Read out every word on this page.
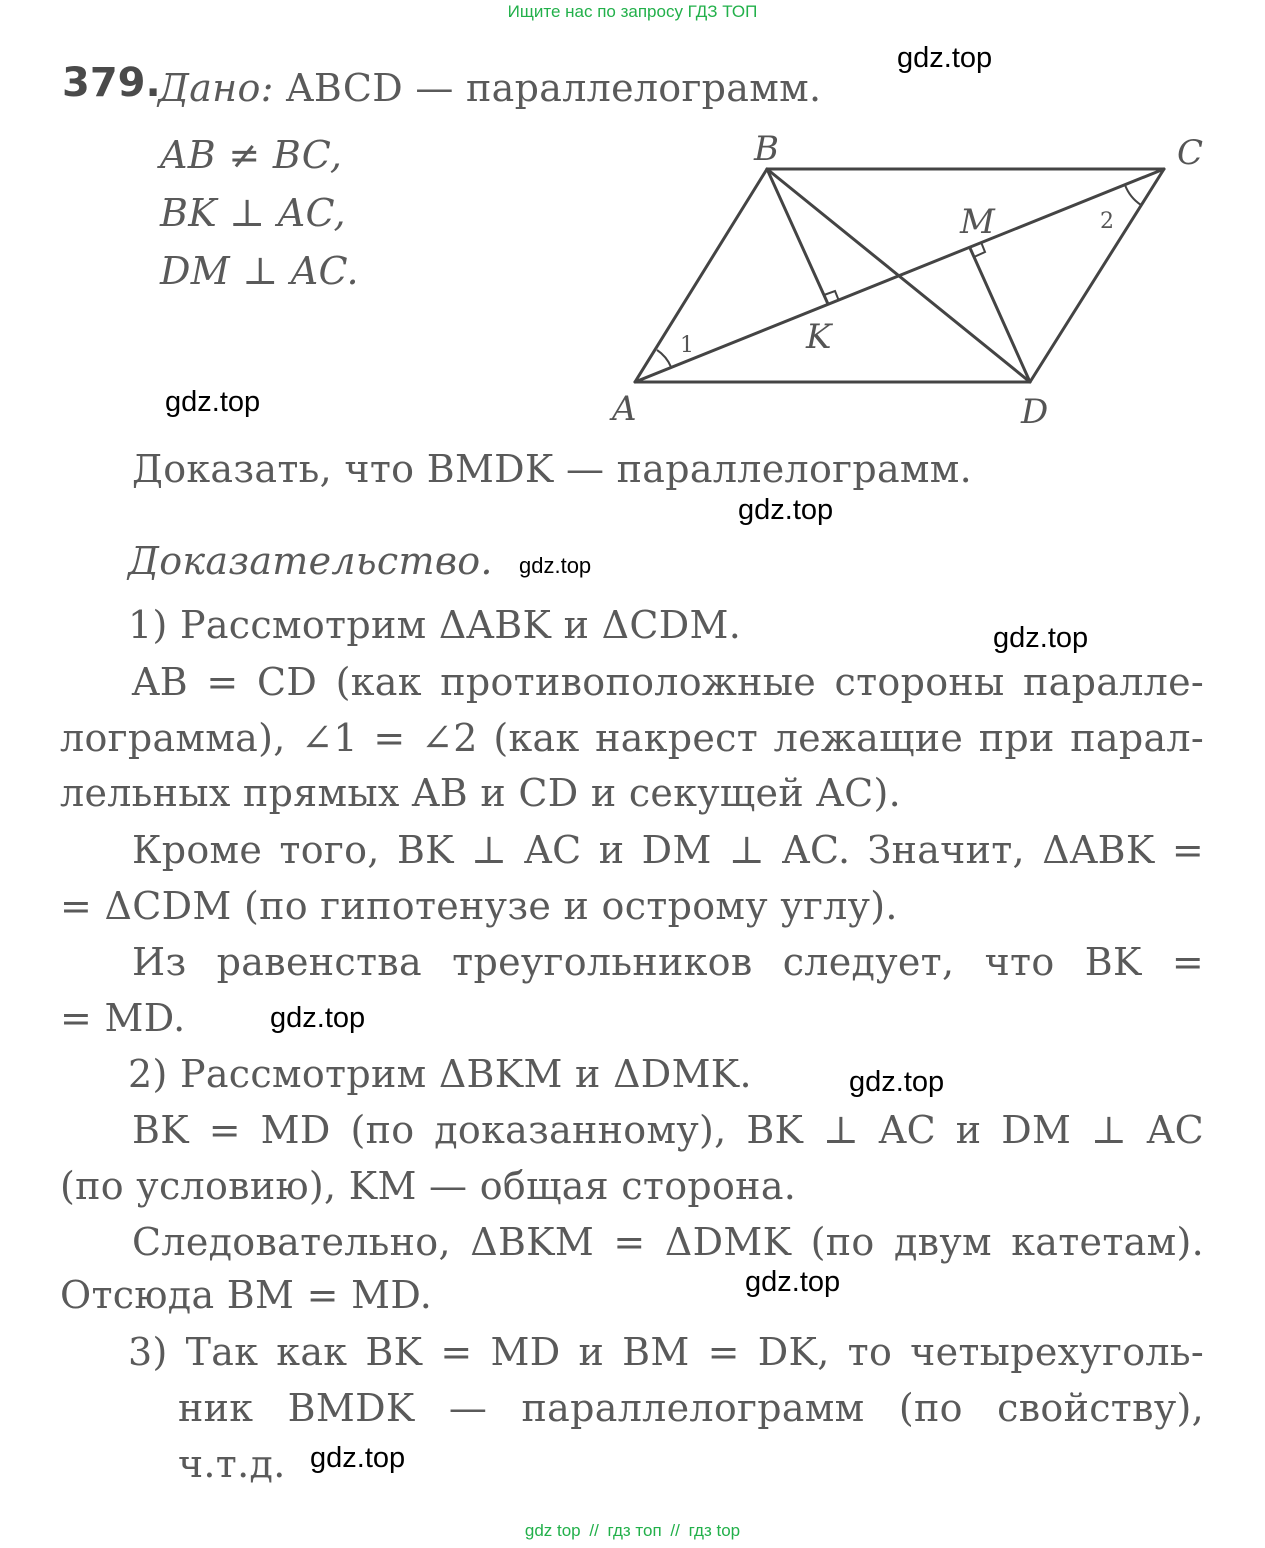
Ищите нас по запросу ГДЗ ТОП
gdz.top
gdz.top
gdz.top
gdz.top
gdz.top
gdz.top
gdz.top
gdz.top
gdz.top
379.
Дано: ABCD — параллелограмм.
AB ≠ BC,
BK ⊥ AC,
DM ⊥ AC.
B	C
A	D
M
K
1
2
Доказать, что BMDK — параллелограмм.
Доказательство.
1) Рассмотрим ΔABK и ΔCDM.
AB = CD (как противоположные стороны паралле-
лограмма), ∠1 = ∠2 (как накрест лежащие при парал-
лельных прямых AB и CD и секущей AC).
Кроме того, BK ⊥ AC и DM ⊥ AC. Значит, ΔABK =
= ΔCDM (по гипотенузе и острому углу).
Из равенства треугольников следует, что BK =
= MD.
2) Рассмотрим ΔBKM и ΔDMK.
BK = MD (по доказанному), BK ⊥ AC и DM ⊥ AC
(по условию), KM — общая сторона.
Следовательно, ΔBKM = ΔDMK (по двум катетам).
Отсюда BM = MD.
3) Так как BK = MD и BM = DK, то четырехуголь-
ник BMDK — параллелограмм (по свойству),
ч.т.д.
gdz top // гдз топ // гдз top
